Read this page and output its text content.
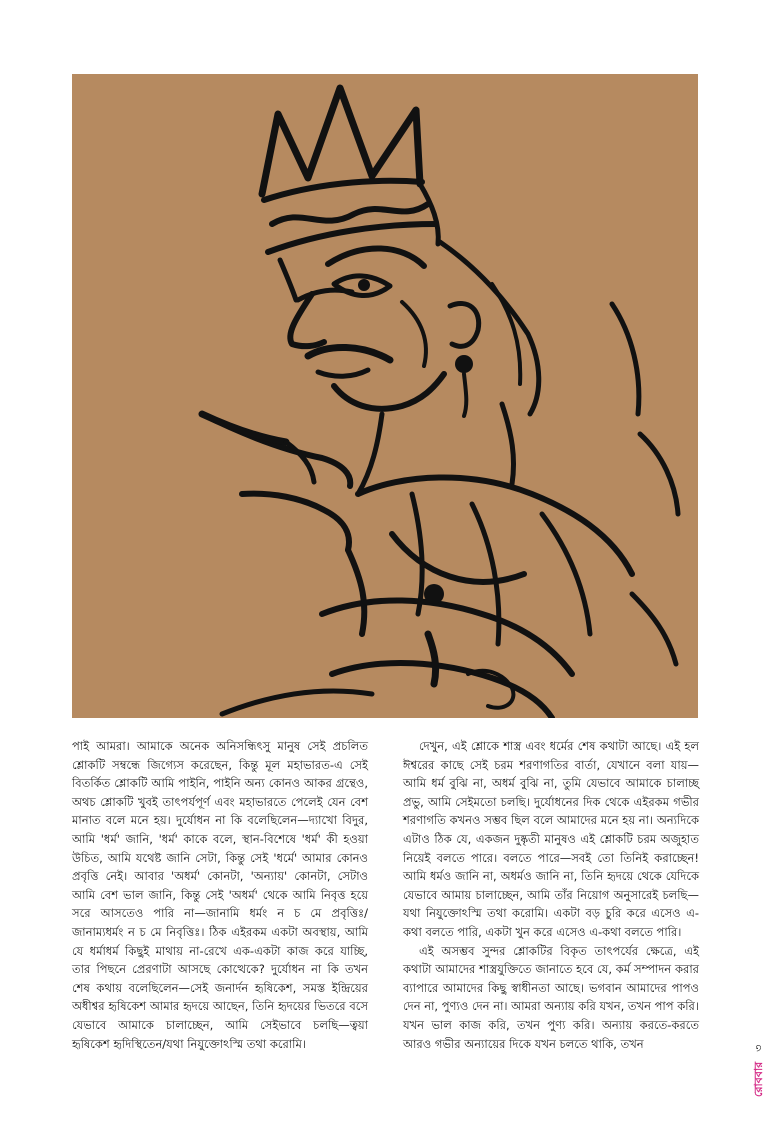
পাই আমরা। আমাকে অনেক অনিসন্ধিৎসু মানুষ সেই প্রচলিত শ্লোকটি সম্বন্ধে জিগ্যেস করেছেন, কিন্তু মূল মহাভারত-এ সেই বিতর্কিত শ্লোকটি আমি পাইনি, পাইনি অন্য কোনও আকর গ্রন্থেও, অথচ শ্লোকটি খুবই তাৎপর্যপূর্ণ এবং মহাভারতে পেলেই যেন বেশ মানাত বলে মনে হয়। দুর্যোধন না কি বলেছিলেন—দ্যাখো বিদুর, আমি 'ধর্ম' জানি, 'ধর্ম' কাকে বলে, স্থান-বিশেষে 'ধর্ম' কী হওয়া উচিত, আমি যথেষ্ট জানি সেটা, কিন্তু সেই 'ধর্মে' আমার কোনও প্রবৃত্তি নেই। আবার 'অধর্ম' কোনটা, 'অন্যায়' কোনটা, সেটাও আমি বেশ ভাল জানি, কিন্তু সেই 'অধর্ম' থেকে আমি নিবৃত্ত হয়ে সরে আসতেও পারি না—জানামি ধর্মং ন চ মে প্রবৃত্তিঃ/জানাম্যধর্মং ন চ মে নিবৃত্তিঃ। ঠিক এইরকম একটা অবস্থায়, আমি যে ধর্মাধর্ম কিছুই মাথায় না-রেখে এক-একটা কাজ করে যাচ্ছি, তার পিছনে প্রেরণাটা আসছে কোত্থেকে? দুর্যোধন না কি তখন শেষ কথায় বলেছিলেন—সেই জনার্দন হৃষিকেশ, সমস্ত ইন্দ্রিয়ের অধীশ্বর হৃষিকেশ আমার হৃদয়ে আছেন, তিনি হৃদয়ের ভিতরে বসে যেভাবে আমাকে চালাচ্ছেন, আমি সেইভাবে চলছি—ত্বয়া হৃষিকেশ হৃদিস্থিতেন/যথা নিযুক্তোঽস্মি তথা করোমি।

দেখুন, এই শ্লোকে শাস্ত্র এবং ধর্মের শেষ কথাটা আছে। এই হল ঈশ্বরের কাছে সেই চরম শরণাগতির বার্তা, যেখানে বলা যায়—আমি ধর্ম বুঝি না, অধর্ম বুঝি না, তুমি যেভাবে আমাকে চালাচ্ছ প্রভু, আমি সেইমতো চলছি। দুর্যোধনের দিক থেকে এইরকম গভীর শরণাগতি কখনও সম্ভব ছিল বলে আমাদের মনে হয় না। অন্যদিকে এটাও ঠিক যে, একজন দুষ্কৃতী মানুষও এই শ্লোকটি চরম অজুহাত নিয়েই বলতে পারে। বলতে পারে—সবই তো তিনিই করাচ্ছেন! আমি ধর্মও জানি না, অধর্মও জানি না, তিনি হৃদয়ে থেকে যেদিকে যেভাবে আমায় চালাচ্ছেন, আমি তাঁর নিয়োগ অনুসারেই চলছি—যথা নিযুক্তোঽস্মি তথা করোমি। একটা বড় চুরি করে এসেও এ-কথা বলতে পারি, একটা খুন করে এসেও এ-কথা বলতে পারি।

এই অসম্ভব সুন্দর শ্লোকটির বিকৃত তাৎপর্যের ক্ষেত্রে, এই কথাটা আমাদের শাস্ত্রযুক্তিতে জানাতে হবে যে, কর্ম সম্পাদন করার ব্যাপারে আমাদের কিছু স্বাধীনতা আছে। ভগবান আমাদের পাপও দেন না, পুণ্যও দেন না। আমরা অন্যায় করি যখন, তখন পাপ করি। যখন ভাল কাজ করি, তখন পুণ্য করি। অন্যায় করতে-করতে আরও গভীর অন্যায়ের দিকে যখন চলতে থাকি, তখন

রোববার৩
